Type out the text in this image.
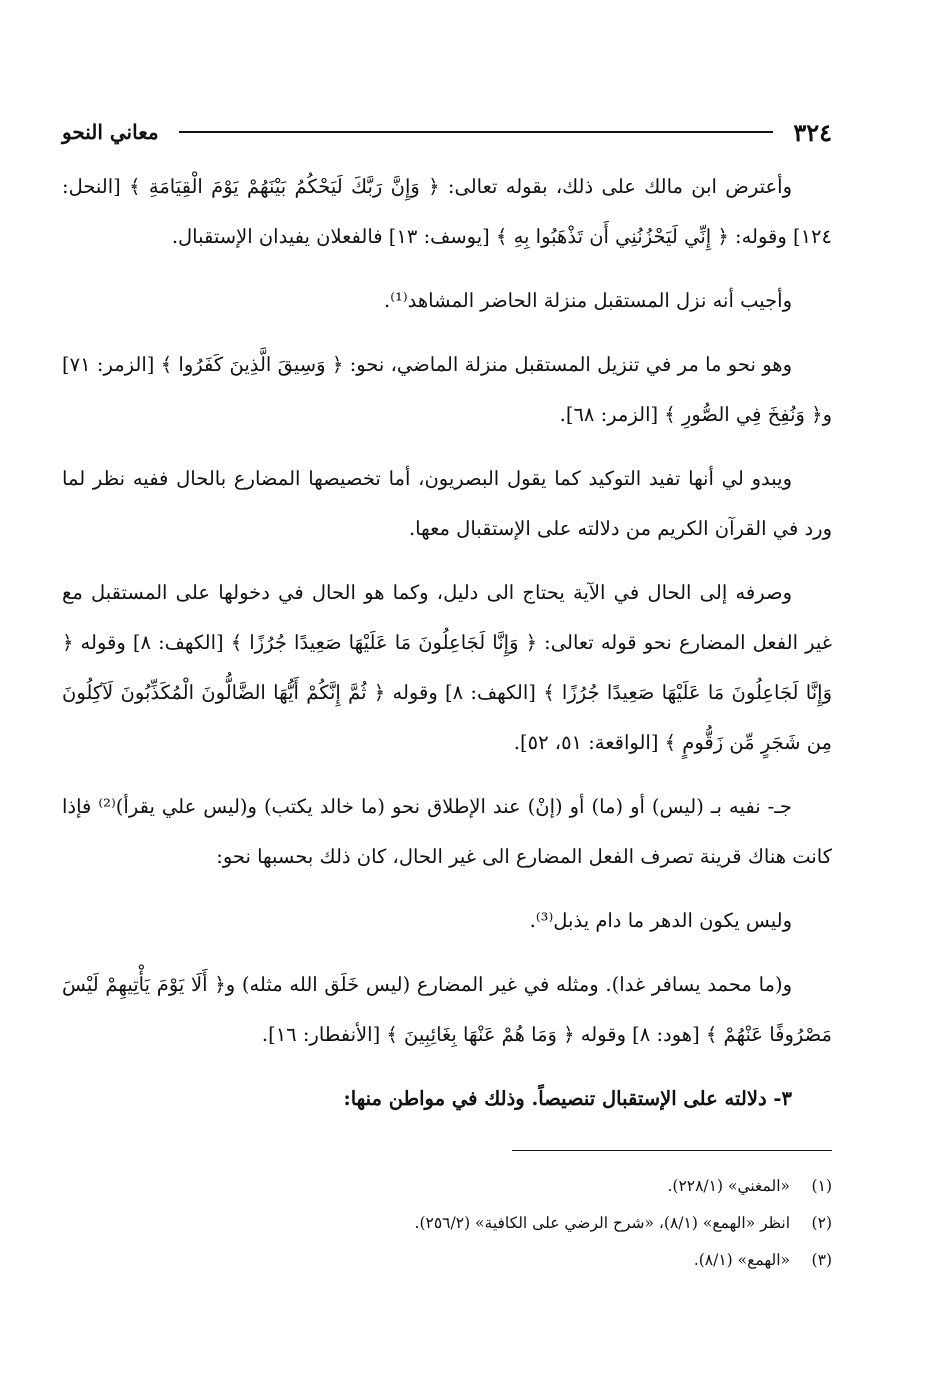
٣٢٤
معاني النحو

وأعترض ابن مالك على ذلك، بقوله تعالى: ﴿ وَإِنَّ رَبَّكَ لَيَحْكُمُ بَيْنَهُمْ يَوْمَ الْقِيَامَةِ ﴾ [النحل: ١٢٤] وقوله: ﴿ إِنِّي لَيَحْزُنُنِي أَن تَذْهَبُوا بِهِ ﴾ [يوسف: ١٣] فالفعلان يفيدان الإستقبال.

وأجيب أنه نزل المستقبل منزلة الحاضر المشاهد⁽¹⁾.

وهو نحو ما مر في تنزيل المستقبل منزلة الماضي، نحو: ﴿ وَسِيقَ الَّذِينَ كَفَرُوا ﴾ [الزمر: ٧١] و﴿ وَنُفِخَ فِي الصُّورِ ﴾ [الزمر: ٦٨].

ويبدو لي أنها تفيد التوكيد كما يقول البصريون، أما تخصيصها المضارع بالحال ففيه نظر لما ورد في القرآن الكريم من دلالته على الإستقبال معها.

وصرفه إلى الحال في الآية يحتاج الى دليل، وكما هو الحال في دخولها على المستقبل مع غير الفعل المضارع نحو قوله تعالى: ﴿ وَإِنَّا لَجَاعِلُونَ مَا عَلَيْهَا صَعِيدًا جُرُزًا ﴾ [الكهف: ٨] وقوله ﴿ وَإِنَّا لَجَاعِلُونَ مَا عَلَيْهَا صَعِيدًا جُرُزًا ﴾ [الكهف: ٨] وقوله ﴿ ثُمَّ إِنَّكُمْ أَيُّهَا الضَّالُّونَ الْمُكَذِّبُونَ لَآكِلُونَ مِن شَجَرٍ مِّن زَقُّومٍ ﴾ [الواقعة: ٥١، ٥٢].

جـ- نفيه بـ (ليس) أو (ما) أو (إنْ) عند الإطلاق نحو (ما خالد يكتب) و(ليس علي يقرأ)⁽²⁾ فإذا كانت هناك قرينة تصرف الفعل المضارع الى غير الحال، كان ذلك بحسبها نحو:

وليس يكون الدهر ما دام يذبل⁽³⁾.

و(ما محمد يسافر غدا). ومثله في غير المضارع (ليس خَلَق الله مثله) و﴿ أَلَا يَوْمَ يَأْتِيهِمْ لَيْسَ مَصْرُوفًا عَنْهُمْ ﴾ [هود: ٨] وقوله ﴿ وَمَا هُمْ عَنْهَا بِغَائِبِينَ ﴾ [الأنفطار: ١٦].

٣- دلالته على الإستقبال تنصيصاً. وذلك في مواطن منها:

(١)
«المغني» (٢٢٨/١).
(٢)
انظر «الهمع» (٨/١)، «شرح الرضي على الكافية» (٢٥٦/٢).
(٣)
«الهمع» (٨/١).
